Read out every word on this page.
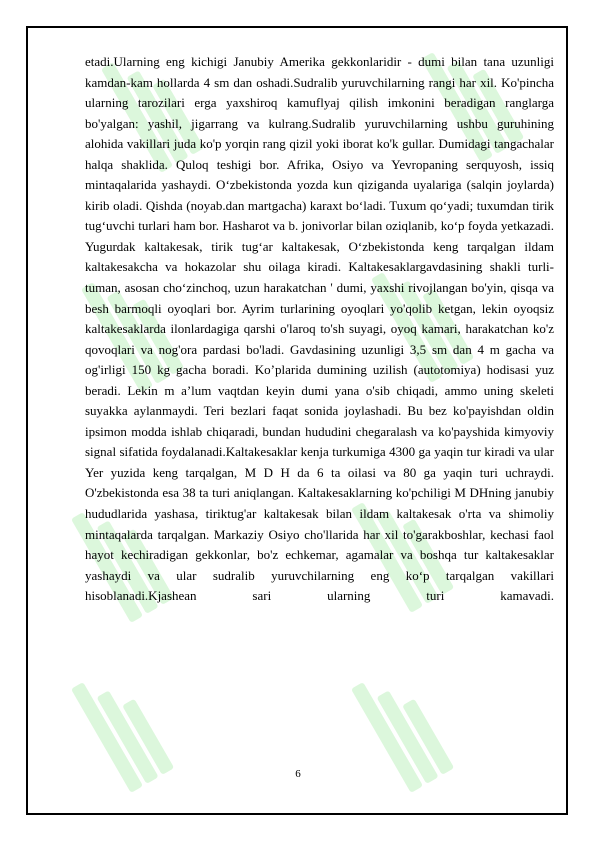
etadi.Ularning eng kichigi Janubiy Amerika gekkonlaridir - dumi bilan tana uzunligi kamdan-kam hollarda 4 sm dan oshadi.Sudralib yuruvchilarning rangi har xil. Ko'pincha ularning tarozilari erga yaxshiroq kamuflyaj qilish imkonini beradigan ranglarga bo'yalgan: yashil, jigarrang va kulrang.Sudralib yuruvchilarning ushbu guruhining alohida vakillari juda ko'p yorqin rang qizil yoki iborat ko'k gullar. Dumidagi tangachalar halqa shaklida. Quloq teshigi bor. Afrika, Osiyo va Yevropaning serquyosh, issiq mintaqalarida yashaydi. O‘zbekistonda yozda kun qiziganda uyalariga (salqin joylarda) kirib oladi. Qishda (noyab.dan martgacha) karaxt bo‘ladi. Tuxum qo‘yadi; tuxumdan tirik tug‘uvchi turlari ham bor. Hasharot va b. jonivorlar bilan oziqlanib, ko‘p foyda yetkazadi. Yugurdak kaltakesak, tirik tug‘ar kaltakesak, O‘zbekistonda keng tarqalgan ildam kaltakesakcha va hokazolar shu oilaga kiradi. Kaltakesaklargavdasining shakli turli-tuman, asosan cho‘zinchoq, uzun harakatchan ' dumi, yaxshi rivojlangan bo'yin, qisqa va besh barmoqli oyoqlari bor. Ayrim turlarining oyoqlari yo'qolib ketgan, lekin oyoqsiz kaltakesaklarda ilonlardagiga qarshi o'laroq to'sh suyagi, oyoq kamari, harakatchan ko'z qovoqlari va nog'ora pardasi bo'ladi. Gavdasining uzunligi 3,5 sm dan 4 m gacha va og'irligi 150 kg gacha boradi. Ko’plarida dumining uzilish (autotomiya) hodisasi yuz beradi. Lekin m a’lum vaqtdan keyin dumi yana o'sib chiqadi, ammo uning skeleti suyakka aylanmaydi. Teri bezlari faqat sonida joylashadi. Bu bez ko'payishdan oldin ipsimon modda ishlab chiqaradi, bundan hududini chegaralash va ko'payshida kimyoviy signal sifatida foydalanadi.Kaltakesaklar kenja turkumiga 4300 ga yaqin tur kiradi va ular Yer yuzida keng tarqalgan, M D H da 6 ta oilasi va 80 ga yaqin turi uchraydi. O'zbekistonda esa 38 ta turi aniqlangan. Kaltakesaklarning ko'pchiligi M DHning janubiy hududlarida yashasa, tiriktug'ar kaltakesak bilan ildam kaltakesak o'rta va shimoliy mintaqalarda tarqalgan. Markaziy Osiyo cho'llarida har xil to'garakboshlar, kechasi faol hayot kechiradigan gekkonlar, bo'z echkemar, agamalar va boshqa tur kaltakesaklar yashaydi va ular sudralib yuruvchilarning eng ko‘p tarqalgan vakillari hisoblanadi.Kjashean sari ularning turi kamavadi.

6
